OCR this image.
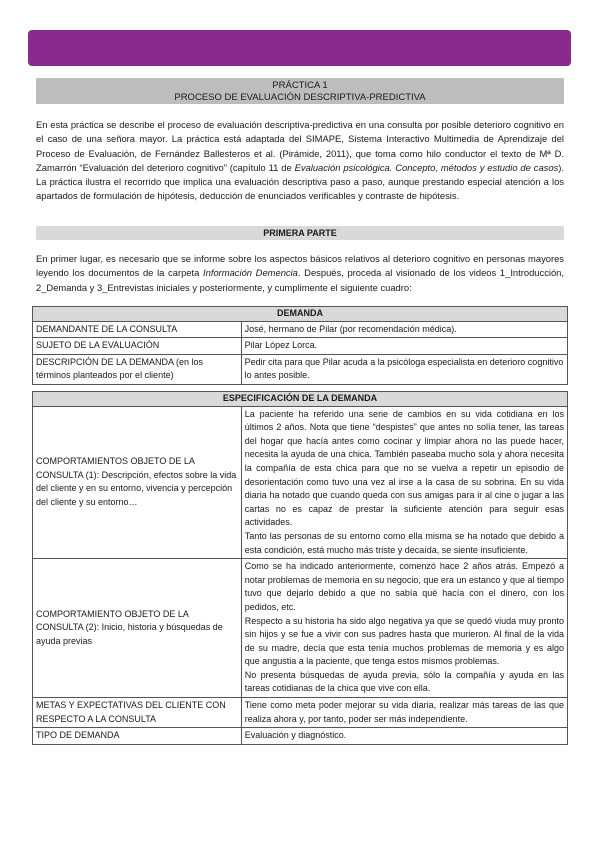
PRÁCTICA 1
PROCESO DE EVALUACIÓN DESCRIPTIVA-PREDICTIVA

En esta práctica se describe el proceso de evaluación descriptiva-predictiva en una consulta por posible deterioro cognitivo en el caso de una señora mayor. La práctica está adaptada del SIMAPE, Sistema Interactivo Multimedia de Aprendizaje del Proceso de Evaluación, de Fernández Ballesteros et al. (Pirámide, 2011), que toma como hilo conductor el texto de Mª D. Zamarrón “Evaluación del deterioro cognitivo” (capítulo 11 de Evaluación psicológica. Concepto, métodos y estudio de casos). La práctica ilustra el recorrido que implica una evaluación descriptiva paso a paso, aunque prestando especial atención a los apartados de formulación de hipótesis, deducción de enunciados verificables y contraste de hipótesis.

PRIMERA PARTE

En primer lugar, es necesario que se informe sobre los aspectos básicos relativos al deterioro cognitivo en personas mayores leyendo los documentos de la carpeta Información Demencia. Después, proceda al visionado de los videos 1_Introducción, 2_Demanda y 3_Entrevistas iniciales y posteriormente, y cumplimente el siguiente cuadro:

DEMANDA	
DEMANDANTE DE LA CONSULTA	José, hermano de Pilar (por recomendación médica).
SUJETO DE LA EVALUACIÓN	Pilar López Lorca.
DESCRIPCIÓN DE LA DEMANDA (en los términos planteados por el cliente)	Pedir cita para que Pilar acuda a la psicóloga especialista en deterioro cognitivo lo antes posible.
ESPECIFICACIÓN DE LA DEMANDA	
COMPORTAMIENTOS OBJETO DE LA CONSULTA (1): Descripción, efectos sobre la vida del cliente y en su entorno, vivencia y percepción del cliente y su entorno…	La paciente ha referido una serie de cambios en su vida cotidiana en los últimos 2 años. Nota que tiene “despistes” que antes no solía tener, las tareas del hogar que hacía antes como cocinar y limpiar ahora no las puede hacer, necesita la ayuda de una chica. También paseaba mucho sola y ahora necesita la compañía de esta chica para que no se vuelva a repetir un episodio de desorientación como tuvo una vez al irse a la casa de su sobrina. En su vida diaria ha notado que cuando queda con sus amigas para ir al cine o jugar a las cartas no es capaz de prestar la suficiente atención para seguir esas actividades.
Tanto las personas de su entorno como ella misma se ha notado que debido a esta condición, está mucho más triste y decaída, se siente insuficiente.

COMPORTAMIENTO OBJETO DE LA CONSULTA (2): Inicio, historia y búsquedas de ayuda previas	Como se ha indicado anteriormente, comenzó hace 2 años atrás. Empezó a notar problemas de memoria en su negocio, que era un estanco y que al tiempo tuvo que dejarlo debido a que no sabía qué hacía con el dinero, con los pedidos, etc.
Respecto a su historia ha sido algo negativa ya que se quedó viuda muy pronto sin hijos y se fue a vivir con sus padres hasta que murieron. Al final de la vida de su madre, decía que esta tenía muchos problemas de memoria y es algo que angustia a la paciente, que tenga estos mismos problemas.
No presenta búsquedas de ayuda previa, sólo la compañía y ayuda en las tareas cotidianas de la chica que vive con ella.

METAS Y EXPECTATIVAS DEL CLIENTE CON RESPECTO A LA CONSULTA	Tiene como meta poder mejorar su vida diaria, realizar más tareas de las que realiza ahora y, por tanto, poder ser más independiente.
TIPO DE DEMANDA	Evaluación y diagnóstico.
